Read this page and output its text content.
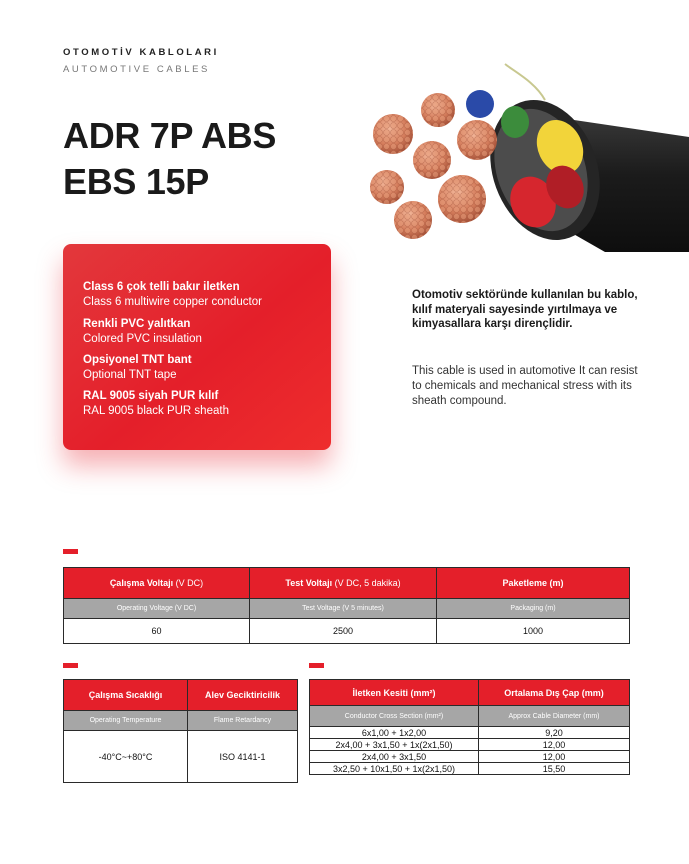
OTOMOTİV KABLOLARI
AUTOMOTIVE CABLES
ADR 7P ABS
EBS 15P
Class 6 çok telli bakır iletken
Class 6 multiwire copper conductor
Renkli PVC yalıtkan
Colored PVC insulation
Opsiyonel TNT bant
Optional TNT tape
RAL 9005 siyah PUR kılıf
RAL 9005 black PUR sheath
Otomotiv sektöründe kullanılan bu kablo, kılıf materyali sayesinde yırtılmaya ve kimyasallara karşı dirençlidir.
This cable is used in automotive It can resist to chemicals and mechanical stress with its sheath compound.
Çalışma Voltajı (V DC)	Test Voltajı (V DC, 5 dakika)	Paketleme (m)
Operating Voltage (V DC)	Test Voltage (V 5 minutes)	Packaging (m)
60	2500	1000
Çalışma Sıcaklığı	Alev Geciktiricilik
Operating Temperature	Flame Retardancy
-40°C~+80°C	ISO 4141-1
İletken Kesiti (mm²)	Ortalama Dış Çap (mm)
Conductor Cross Section (mm²)	Approx Cable Diameter (mm)
6x1,00 + 1x2,00	9,20
2x4,00 + 3x1,50 + 1x(2x1,50)	12,00
2x4,00 + 3x1,50	12,00
3x2,50 + 10x1,50 + 1x(2x1,50)	15,50
